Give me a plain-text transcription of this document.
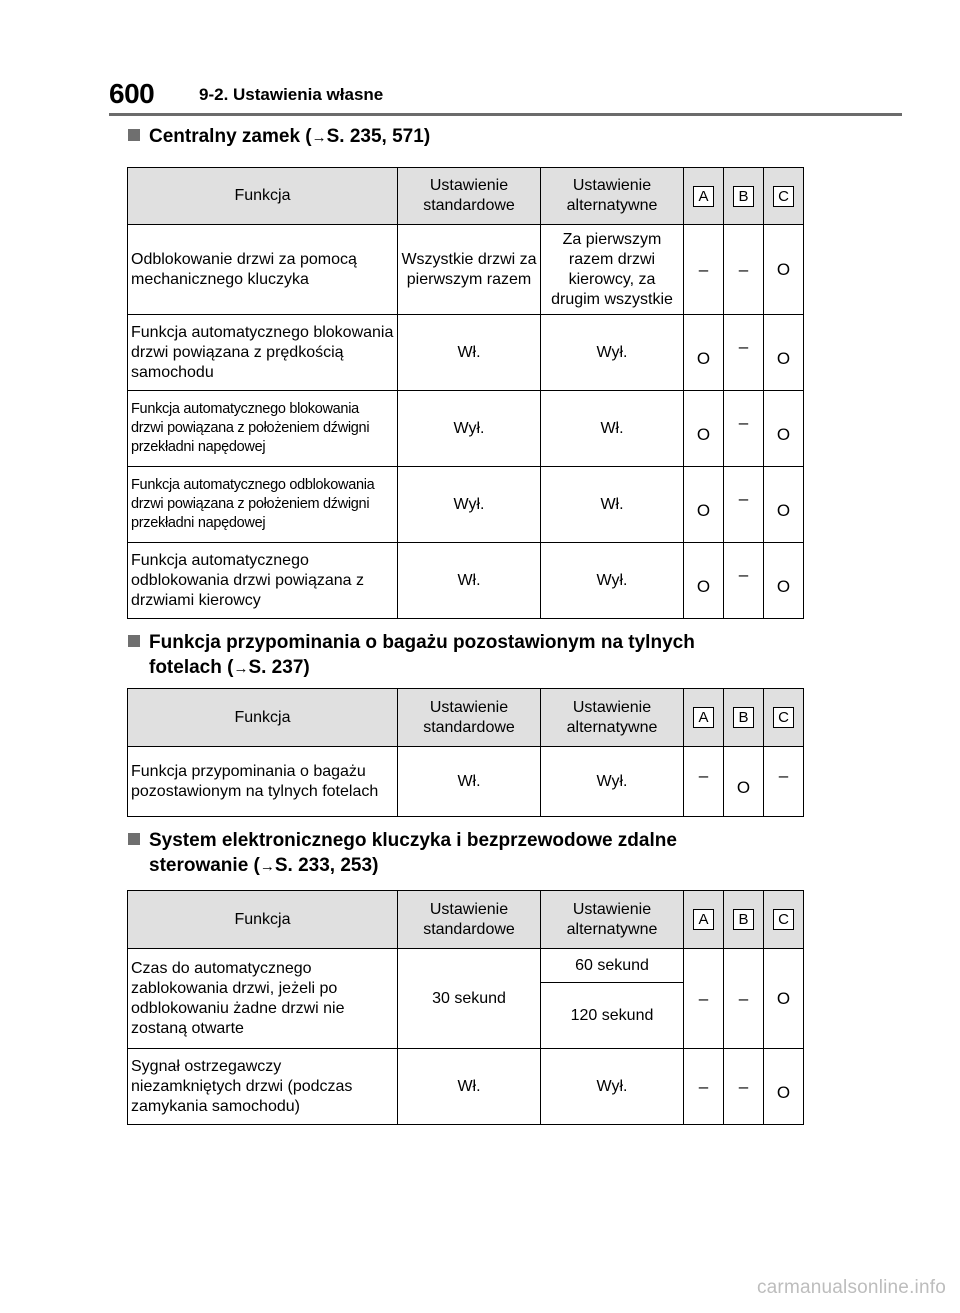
600	9-2. Ustawienia własne
Centralny zamek (→S. 235, 571)
Funkcja	Ustawienie standardowe	Ustawienie alternatywne	A	B	C
Odblokowanie drzwi za pomocą mechanicznego kluczyka	Wszystkie drzwi za pierwszym razem	Za pierwszym razem drzwi kierowcy, za drugim wszystkie	–	–	O
Funkcja automatycznego blokowania drzwi powiązana z prędkością samochodu	Wł.	Wył.	O	–	O
Funkcja automatycznego blokowania drzwi powiązana z położeniem dźwigni przekładni napędowej	Wył.	Wł.	O	–	O
Funkcja automatycznego odblokowania drzwi powiązana z położeniem dźwigni przekładni napędowej	Wył.	Wł.	O	–	O
Funkcja automatycznego odblokowania drzwi powiązana z drzwiami kierowcy	Wł.	Wył.	O	–	O
Funkcja przypominania o bagażu pozostawionym na tylnych
fotelach (→S. 237)
Funkcja	Ustawienie standardowe	Ustawienie alternatywne	A	B	C
Funkcja przypominania o bagażu pozostawionym na tylnych fotelach	Wł.	Wył.	–	O	–
System elektronicznego kluczyka i bezprzewodowe zdalne
sterowanie (→S. 233, 253)
Funkcja	Ustawienie standardowe	Ustawienie alternatywne	A	B	C
Czas do automatycznego zablokowania drzwi, jeżeli po odblokowaniu żadne drzwi nie zostaną otwarte	30 sekund	60 sekund	–	–	O
		120 sekund			
Sygnał ostrzegawczy niezamkniętych drzwi (podczas zamykania samochodu)	Wł.	Wył.	–	–	O
carmanualsonline.info
